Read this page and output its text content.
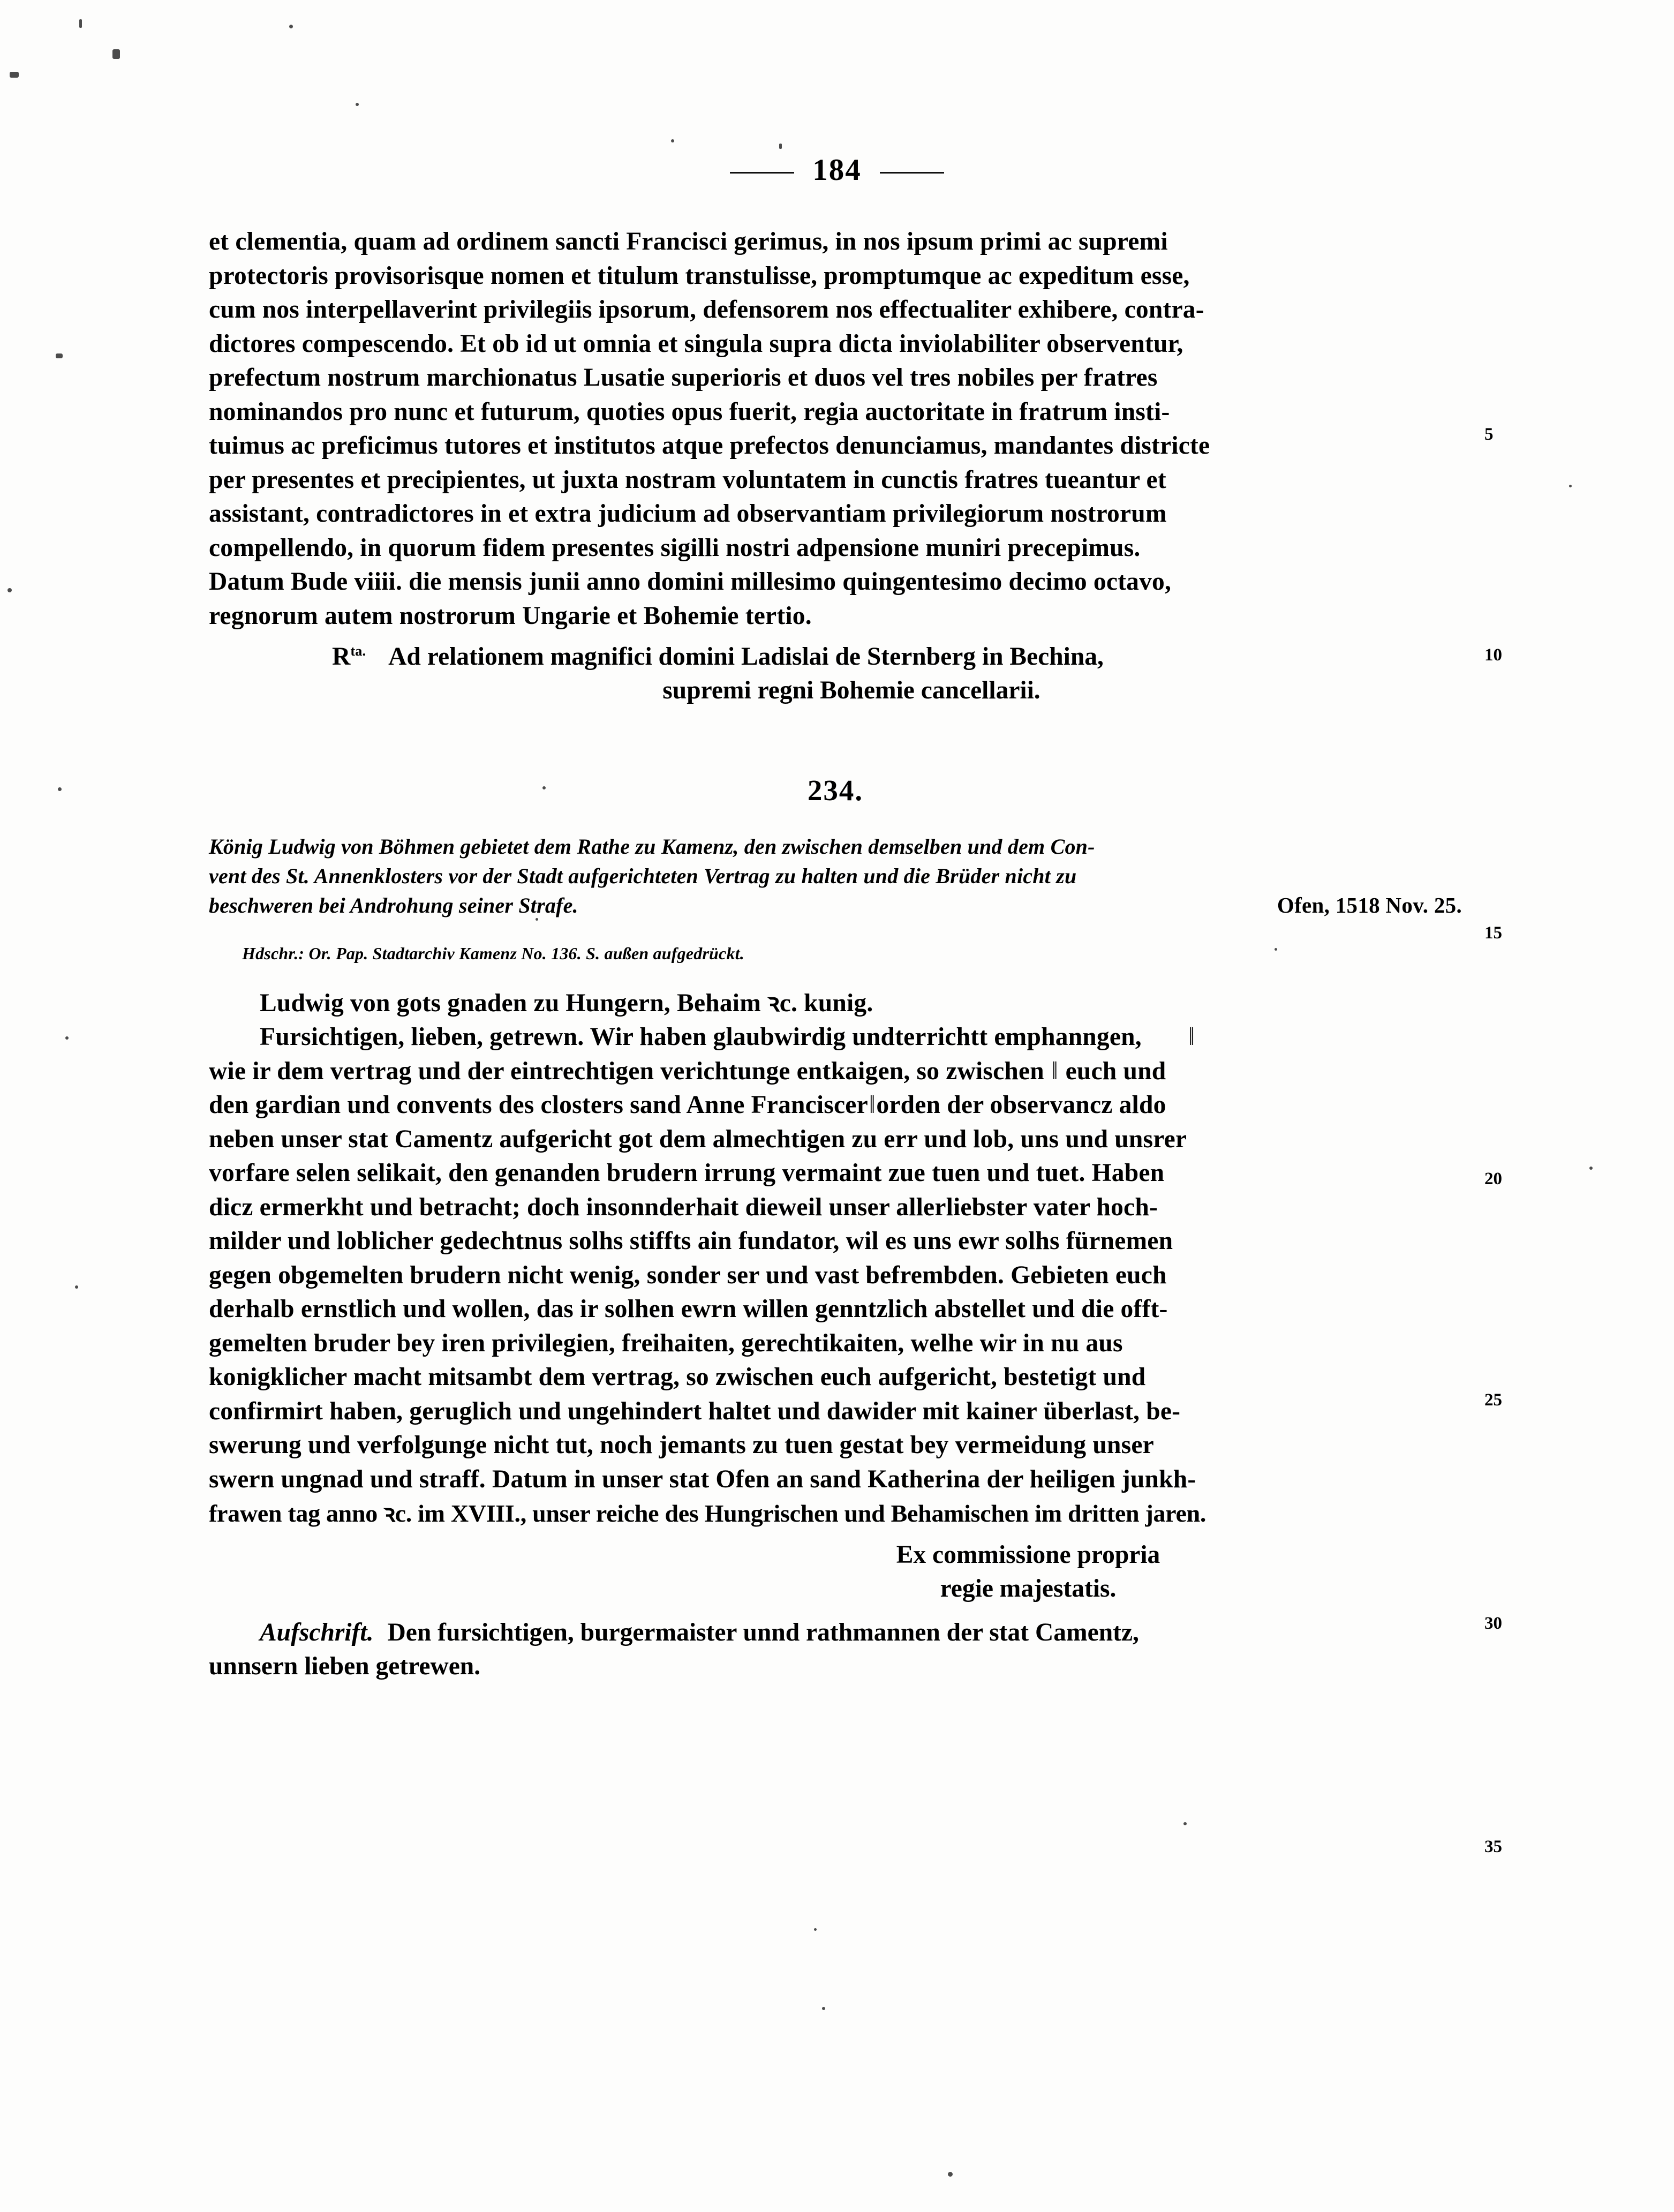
184
et clementia, quam ad ordinem sancti Francisci gerimus, in nos ipsum primi ac supremi
protectoris provisorisque nomen et titulum transtulisse, promptumque ac expeditum esse,
cum nos interpellaverint privilegiis ipsorum, defensorem nos effectualiter exhibere, contra-
dictores compescendo. Et ob id ut omnia et singula supra dicta inviolabiliter observentur,
prefectum nostrum marchionatus Lusatie superioris et duos vel tres nobiles per fratres
nominandos pro nunc et futurum, quoties opus fuerit, regia auctoritate in fratrum insti-
tuimus ac preficimus tutores et institutos atque prefectos denunciamus, mandantes districte
per presentes et precipientes, ut juxta nostram voluntatem in cunctis fratres tueantur et
assistant, contradictores in et extra judicium ad observantiam privilegiorum nostrorum
compellendo, in quorum fidem presentes sigilli nostri adpensione muniri precepimus.
Datum Bude viiii. die mensis junii anno domini millesimo quingentesimo decimo octavo,
regnorum autem nostrorum Ungarie et Bohemie tertio.
$R^{ta.}$ Ad relationem magnifici domini Ladislai de Sternberg in Bechina,
supremi regni Bohemie cancellarii.
234.
König Ludwig von Böhmen gebietet dem Rathe zu Kamenz, den zwischen demselben und dem Con-
vent des St. Annenklosters vor der Stadt aufgerichteten Vertrag zu halten und die Brüder nicht zu
beschweren bei Androhung seiner Strafe.	Ofen, 1518 Nov. 25.
Hdschr.: Or. Pap. Stadtarchiv Kamenz No. 136. S. außen aufgedrückt.
Ludwig von gots gnaden zu Hungern, Behaim ꝛc. kunig.
Fursichtigen, lieben, getrewn. Wir haben glaubwirdig undterrichtt emphanngen, ‖
wie ir dem vertrag und der eintrechtigen verichtunge entkaigen, so zwischen ‖ euch und
den gardian und convents des closters sand Anne Franciscer‖orden der observancz aldo
neben unser stat Camentz aufgericht got dem almechtigen zu err und lob, uns und unsrer
vorfare selen selikait, den genanden brudern irrung vermaint zue tuen und tuet. Haben
dicz ermerkht und betracht; doch insonnderhait dieweil unser allerliebster vater hoch-
milder und loblicher gedechtnus solhs stiffts ain fundator, wil es uns ewr solhs fürnemen
gegen obgemelten brudern nicht wenig, sonder ser und vast befrembden. Gebieten euch
derhalb ernstlich und wollen, das ir solhen ewrn willen genntzlich abstellet und die offt-
gemelten bruder bey iren privilegien, freihaiten, gerechtikaiten, welhe wir in nu aus
konigklicher macht mitsambt dem vertrag, so zwischen euch aufgericht, bestetigt und
confirmirt haben, geruglich und ungehindert haltet und dawider mit kainer überlast, be-
swerung und verfolgunge nicht tut, noch jemants zu tuen gestat bey vermeidung unser
swern ungnad und straff. Datum in unser stat Ofen an sand Katherina der heiligen junkh-
frawen tag anno ꝛc. im XVIII., unser reiche des Hungrischen und Behamischen im dritten jaren.
Ex commissione propria
regie majestatis.
Aufschrift. Den fursichtigen, burgermaister unnd rathmannen der stat Camentz,
unnsern lieben getrewen.
5
10
15
20
25
30
35
